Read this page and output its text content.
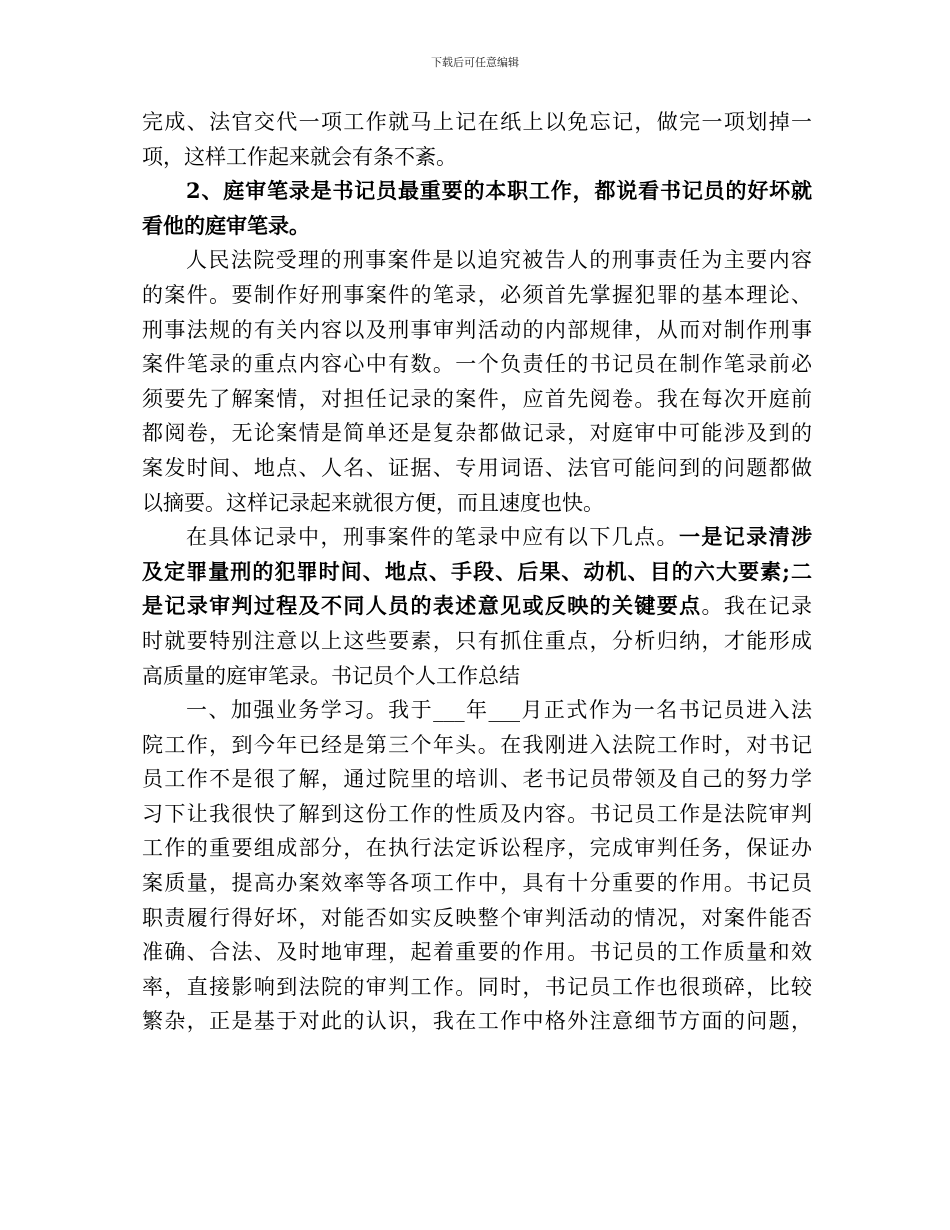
下载后可任意编辑
完成、法官交代一项工作就马上记在纸上以免忘记，做完一项划掉一
项，这样工作起来就会有条不紊。
2、庭审笔录是书记员最重要的本职工作，都说看书记员的好坏就
看他的庭审笔录。
人民法院受理的刑事案件是以追究被告人的刑事责任为主要内容
的案件。要制作好刑事案件的笔录，必须首先掌握犯罪的基本理论、
刑事法规的有关内容以及刑事审判活动的内部规律，从而对制作刑事
案件笔录的重点内容心中有数。一个负责任的书记员在制作笔录前必
须要先了解案情，对担任记录的案件，应首先阅卷。我在每次开庭前
都阅卷，无论案情是简单还是复杂都做记录，对庭审中可能涉及到的
案发时间、地点、人名、证据、专用词语、法官可能问到的问题都做
以摘要。这样记录起来就很方便，而且速度也快。
在具体记录中，刑事案件的笔录中应有以下几点。一是记录清涉
及定罪量刑的犯罪时间、地点、手段、后果、动机、目的六大要素;二
是记录审判过程及不同人员的表述意见或反映的关键要点。我在记录
时就要特别注意以上这些要素，只有抓住重点，分析归纳，才能形成
高质量的庭审笔录。书记员个人工作总结
一、加强业务学习。我于___年___月正式作为一名书记员进入法
院工作，到今年已经是第三个年头。在我刚进入法院工作时，对书记
员工作不是很了解，通过院里的培训、老书记员带领及自己的努力学
习下让我很快了解到这份工作的性质及内容。书记员工作是法院审判
工作的重要组成部分，在执行法定诉讼程序，完成审判任务，保证办
案质量，提高办案效率等各项工作中，具有十分重要的作用。书记员
职责履行得好坏，对能否如实反映整个审判活动的情况，对案件能否
准确、合法、及时地审理，起着重要的作用。书记员的工作质量和效
率，直接影响到法院的审判工作。同时，书记员工作也很琐碎，比较
繁杂，正是基于对此的认识，我在工作中格外注意细节方面的问题，
